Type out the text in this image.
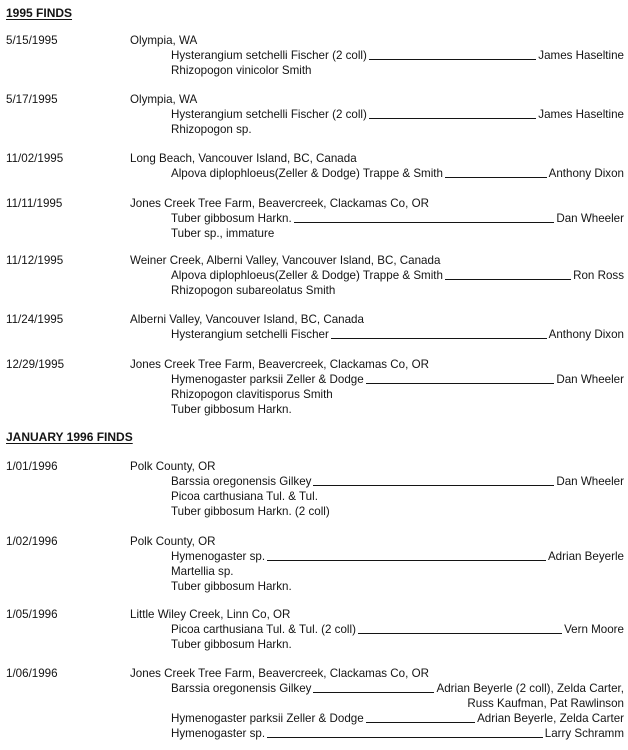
1995 FINDS
5/15/1995	Olympia, WA
Hysterangium setchelli Fischer (2 coll)	James Haseltine
Rhizopogon vinicolor Smith
5/17/1995	Olympia, WA
Hysterangium setchelli Fischer (2 coll)	James Haseltine
Rhizopogon sp.
11/02/1995	Long Beach, Vancouver Island, BC, Canada
Alpova diplophloeus(Zeller & Dodge) Trappe & Smith	Anthony Dixon
11/11/1995	Jones Creek Tree Farm, Beavercreek, Clackamas Co, OR
Tuber gibbosum Harkn.	Dan Wheeler
Tuber sp., immature
11/12/1995	Weiner Creek, Alberni Valley, Vancouver Island, BC, Canada
Alpova diplophloeus(Zeller & Dodge) Trappe & Smith	Ron Ross
Rhizopogon subareolatus Smith
11/24/1995	Alberni Valley, Vancouver Island, BC, Canada
Hysterangium setchelli Fischer	Anthony Dixon
12/29/1995	Jones Creek Tree Farm, Beavercreek, Clackamas Co, OR
Hymenogaster parksii Zeller & Dodge	Dan Wheeler
Rhizopogon clavitisporus Smith
Tuber gibbosum Harkn.
JANUARY 1996 FINDS
1/01/1996	Polk County, OR
Barssia oregonensis Gilkey	Dan Wheeler
Picoa carthusiana Tul. & Tul.
Tuber gibbosum Harkn. (2 coll)
1/02/1996	Polk County, OR
Hymenogaster sp.	Adrian Beyerle
Martellia sp.
Tuber gibbosum Harkn.
1/05/1996	Little Wiley Creek, Linn Co, OR
Picoa carthusiana Tul. & Tul. (2 coll)	Vern Moore
Tuber gibbosum Harkn.
1/06/1996	Jones Creek Tree Farm, Beavercreek, Clackamas Co, OR
Barssia oregonensis Gilkey	Adrian Beyerle (2 coll), Zelda Carter,
Russ Kaufman, Pat Rawlinson
Hymenogaster parksii Zeller & Dodge	Adrian Beyerle, Zelda Carter
Hymenogaster sp.	Larry Schramm
